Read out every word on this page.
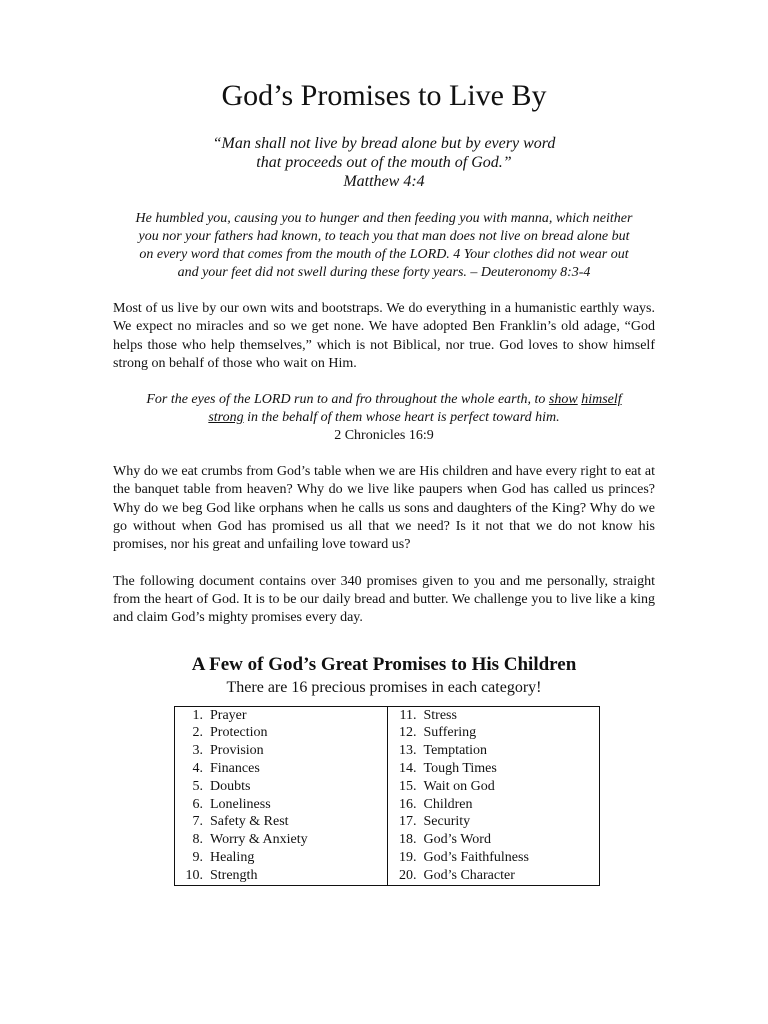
God’s Promises to Live By
“Man shall not live by bread alone but by every word
that proceeds out of the mouth of God.”
Matthew 4:4
He humbled you, causing you to hunger and then feeding you with manna, which neither
you nor your fathers had known, to teach you that man does not live on bread alone but
on every word that comes from the mouth of the LORD. 4 Your clothes did not wear out
and your feet did not swell during these forty years. – Deuteronomy 8:3-4

Most of us live by our own wits and bootstraps. We do everything in a humanistic earthly ways. We expect no miracles and so we get none. We have adopted Ben Franklin’s old adage, “God helps those who help themselves,” which is not Biblical, nor true. God loves to show himself strong on behalf of those who wait on Him.

For the eyes of the LORD run to and fro throughout the whole earth, to show himself
strong in the behalf of them whose heart is perfect toward him.
2 Chronicles 16:9

Why do we eat crumbs from God’s table when we are His children and have every right to eat at the banquet table from heaven? Why do we live like paupers when God has called us princes? Why do we beg God like orphans when he calls us sons and daughters of the King? Why do we go without when God has promised us all that we need? Is it not that we do not know his promises, nor his great and unfailing love toward us?

The following document contains over 340 promises given to you and me personally, straight from the heart of God. It is to be our daily bread and butter. We challenge you to live like a king and claim God’s mighty promises every day.

A Few of God’s Great Promises to His Children
There are 16 precious promises in each category!
1. Prayer
2. Protection
3. Provision
4. Finances
5. Doubts
6. Loneliness
7. Safety & Rest
8. Worry & Anxiety
9. Healing
10. Strength

11. Stress
12. Suffering
13. Temptation
14. Tough Times
15. Wait on God
16. Children
17. Security
18. God’s Word
19. God’s Faithfulness
20. God’s Character
